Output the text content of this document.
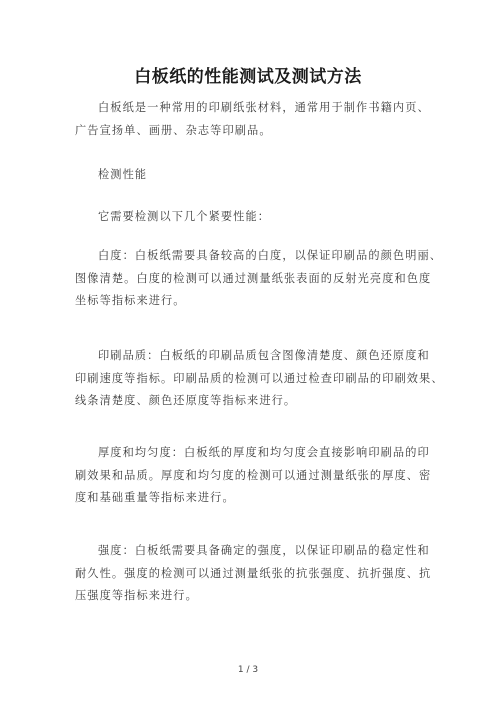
白板纸的性能测试及测试方法

白板纸是一种常用的印刷纸张材料，通常用于制作书籍内页、
广告宣扬单、画册、杂志等印刷品。

检测性能

它需要检测以下几个紧要性能：

白度：白板纸需要具备较高的白度，以保证印刷品的颜色明丽、
图像清楚。白度的检测可以通过测量纸张表面的反射光亮度和色度
坐标等指标来进行。

印刷品质：白板纸的印刷品质包含图像清楚度、颜色还原度和
印刷速度等指标。印刷品质的检测可以通过检查印刷品的印刷效果、
线条清楚度、颜色还原度等指标来进行。

厚度和均匀度：白板纸的厚度和均匀度会直接影响印刷品的印
刷效果和品质。厚度和均匀度的检测可以通过测量纸张的厚度、密
度和基础重量等指标来进行。

强度：白板纸需要具备确定的强度，以保证印刷品的稳定性和
耐久性。强度的检测可以通过测量纸张的抗张强度、抗折强度、抗
压强度等指标来进行。

1 / 3
